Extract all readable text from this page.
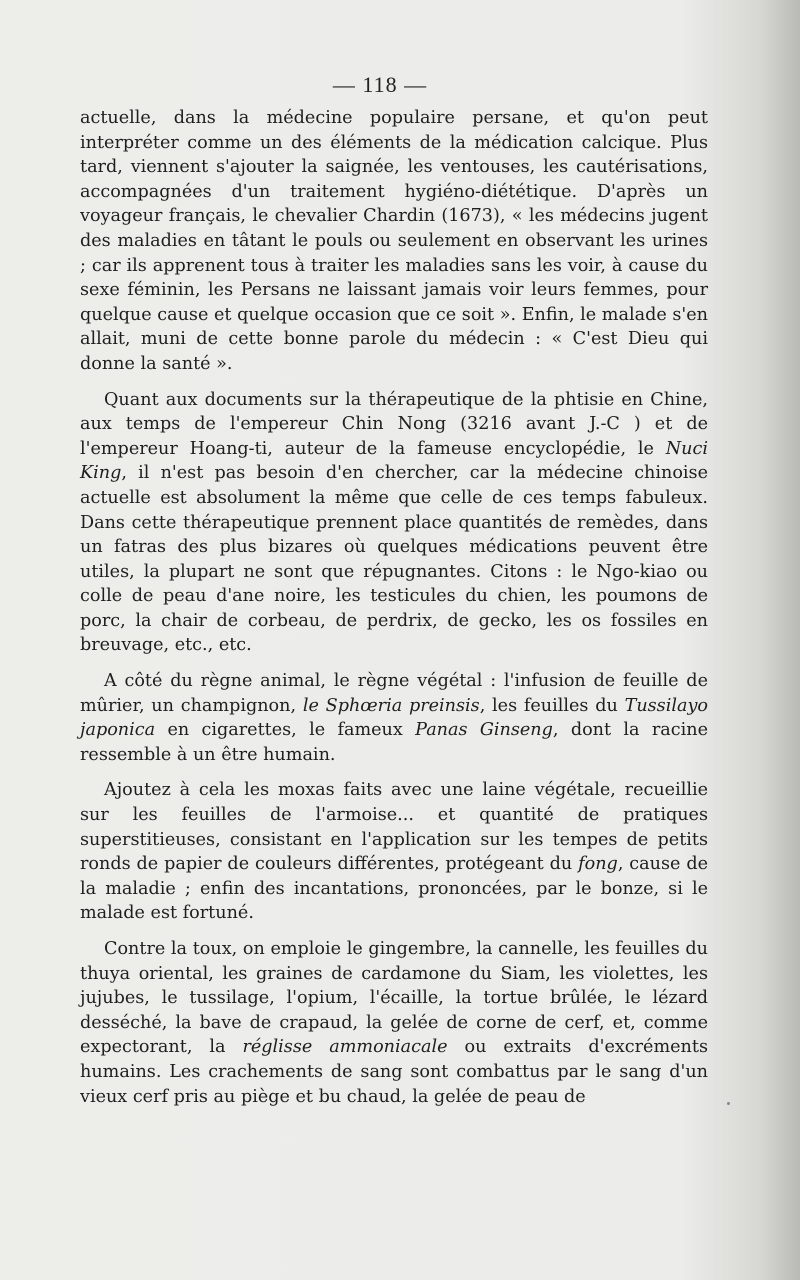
— 118 —

actuelle, dans la médecine populaire persane, et qu'on peut interpréter comme un des éléments de la médication calcique. Plus tard, viennent s'ajouter la saignée, les ventouses, les cautérisations, accompagnées d'un traitement hygiéno-diététique. D'après un voyageur français, le chevalier Chardin (1673), « les médecins jugent des maladies en tâtant le pouls ou seulement en observant les urines ; car ils apprenent tous à traiter les maladies sans les voir, à cause du sexe féminin, les Persans ne laissant jamais voir leurs femmes, pour quelque cause et quelque occasion que ce soit ». Enfin, le malade s'en allait, muni de cette bonne parole du médecin : « C'est Dieu qui donne la santé ».

Quant aux documents sur la thérapeutique de la phtisie en Chine, aux temps de l'empereur Chin Nong (3216 avant J.-C ) et de l'empereur Hoang-ti, auteur de la fameuse encyclopédie, le Nuci King, il n'est pas besoin d'en chercher, car la médecine chinoise actuelle est absolument la même que celle de ces temps fabuleux. Dans cette thérapeutique prennent place quantités de remèdes, dans un fatras des plus bizares où quelques médications peuvent être utiles, la plupart ne sont que répugnantes. Citons : le Ngo-kiao ou colle de peau d'ane noire, les testicules du chien, les poumons de porc, la chair de corbeau, de perdrix, de gecko, les os fossiles en breuvage, etc., etc.

A côté du règne animal, le règne végétal : l'infusion de feuille de mûrier, un champignon, le Sphœria preinsis, les feuilles du Tussilayo japonica en cigarettes, le fameux Panas Ginseng, dont la racine ressemble à un être humain.

Ajoutez à cela les moxas faits avec une laine végétale, recueillie sur les feuilles de l'armoise... et quantité de pratiques superstitieuses, consistant en l'application sur les tempes de petits ronds de papier de couleurs différentes, protégeant du fong, cause de la maladie ; enfin des incantations, prononcées, par le bonze, si le malade est fortuné.

Contre la toux, on emploie le gingembre, la cannelle, les feuilles du thuya oriental, les graines de cardamone du Siam, les violettes, les jujubes, le tussilage, l'opium, l'écaille, la tortue brûlée, le lézard desséché, la bave de crapaud, la gelée de corne de cerf, et, comme expectorant, la réglisse ammoniacale ou extraits d'excréments humains. Les crachements de sang sont combattus par le sang d'un vieux cerf pris au piège et bu chaud, la gelée de peau de
